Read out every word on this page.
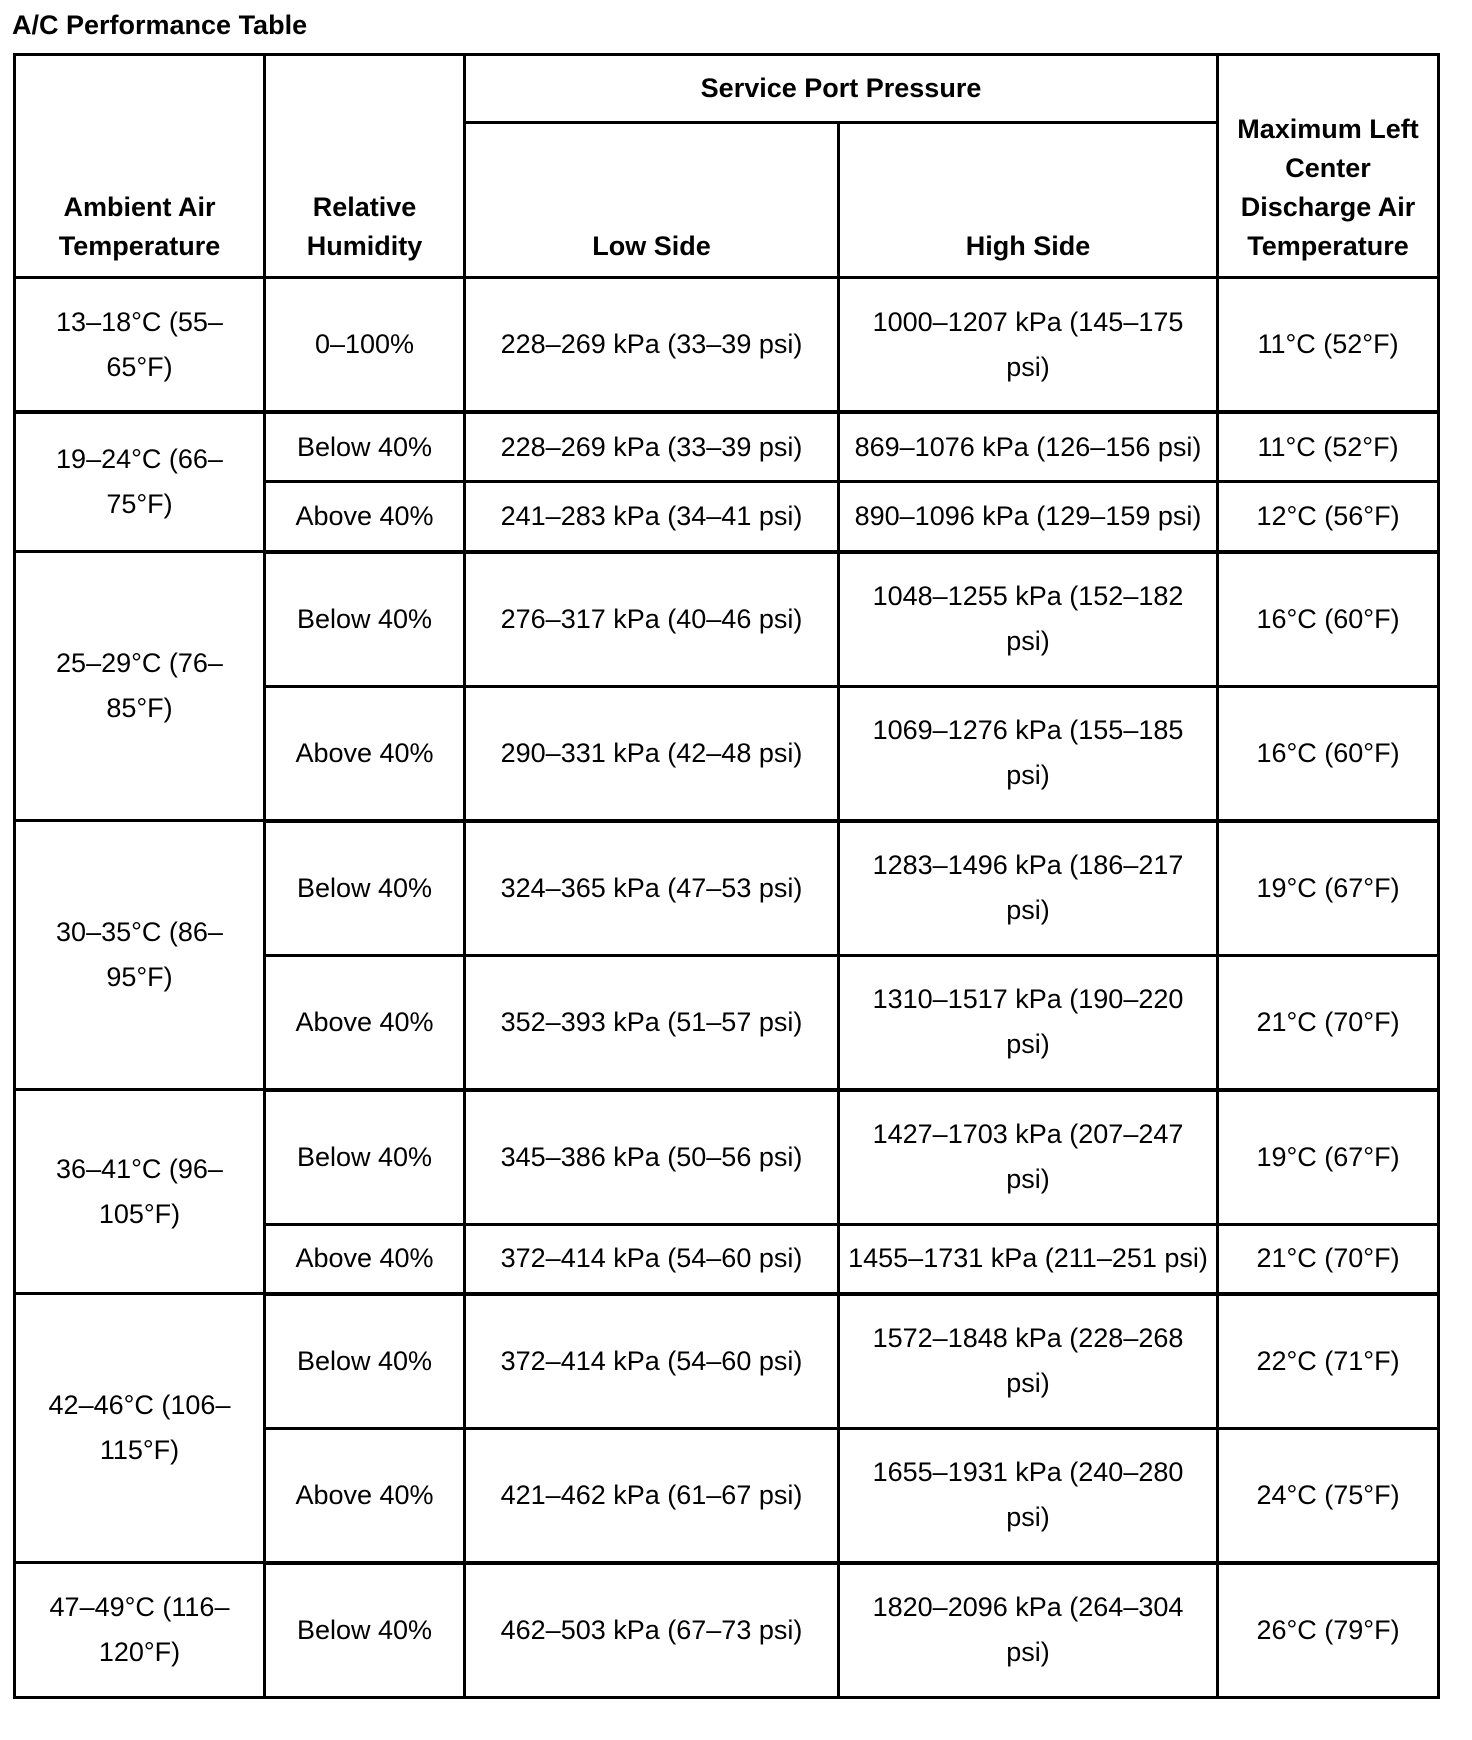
A/C Performance Table
Ambient Air Temperature	Relative Humidity	Service Port Pressure		Maximum Left Center Discharge Air Temperature
		Low Side	High Side	
13–18°C (55–65°F)	0–100%	228–269 kPa (33–39 psi)	1000–1207 kPa (145–175 psi)	11°C (52°F)
19–24°C (66–75°F)	Below 40%	228–269 kPa (33–39 psi)	869–1076 kPa (126–156 psi)	11°C (52°F)
	Above 40%	241–283 kPa (34–41 psi)	890–1096 kPa (129–159 psi)	12°C (56°F)
25–29°C (76–85°F)	Below 40%	276–317 kPa (40–46 psi)	1048–1255 kPa (152–182 psi)	16°C (60°F)
	Above 40%	290–331 kPa (42–48 psi)	1069–1276 kPa (155–185 psi)	16°C (60°F)
30–35°C (86–95°F)	Below 40%	324–365 kPa (47–53 psi)	1283–1496 kPa (186–217 psi)	19°C (67°F)
	Above 40%	352–393 kPa (51–57 psi)	1310–1517 kPa (190–220 psi)	21°C (70°F)
36–41°C (96–105°F)	Below 40%	345–386 kPa (50–56 psi)	1427–1703 kPa (207–247 psi)	19°C (67°F)
	Above 40%	372–414 kPa (54–60 psi)	1455–1731 kPa (211–251 psi)	21°C (70°F)
42–46°C (106–115°F)	Below 40%	372–414 kPa (54–60 psi)	1572–1848 kPa (228–268 psi)	22°C (71°F)
	Above 40%	421–462 kPa (61–67 psi)	1655–1931 kPa (240–280 psi)	24°C (75°F)
47–49°C (116–120°F)	Below 40%	462–503 kPa (67–73 psi)	1820–2096 kPa (264–304 psi)	26°C (79°F)
